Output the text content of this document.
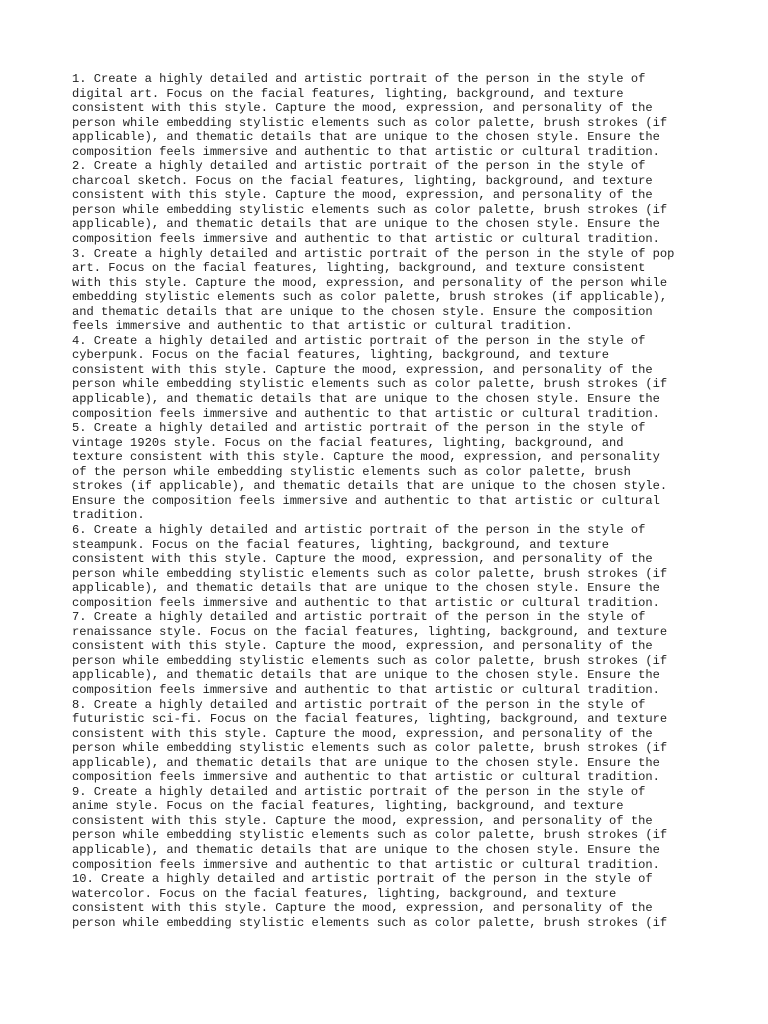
1. Create a highly detailed and artistic portrait of the person in the style of
digital art. Focus on the facial features, lighting, background, and texture
consistent with this style. Capture the mood, expression, and personality of the
person while embedding stylistic elements such as color palette, brush strokes (if
applicable), and thematic details that are unique to the chosen style. Ensure the
composition feels immersive and authentic to that artistic or cultural tradition.
2. Create a highly detailed and artistic portrait of the person in the style of
charcoal sketch. Focus on the facial features, lighting, background, and texture
consistent with this style. Capture the mood, expression, and personality of the
person while embedding stylistic elements such as color palette, brush strokes (if
applicable), and thematic details that are unique to the chosen style. Ensure the
composition feels immersive and authentic to that artistic or cultural tradition.
3. Create a highly detailed and artistic portrait of the person in the style of pop
art. Focus on the facial features, lighting, background, and texture consistent
with this style. Capture the mood, expression, and personality of the person while
embedding stylistic elements such as color palette, brush strokes (if applicable),
and thematic details that are unique to the chosen style. Ensure the composition
feels immersive and authentic to that artistic or cultural tradition.
4. Create a highly detailed and artistic portrait of the person in the style of
cyberpunk. Focus on the facial features, lighting, background, and texture
consistent with this style. Capture the mood, expression, and personality of the
person while embedding stylistic elements such as color palette, brush strokes (if
applicable), and thematic details that are unique to the chosen style. Ensure the
composition feels immersive and authentic to that artistic or cultural tradition.
5. Create a highly detailed and artistic portrait of the person in the style of
vintage 1920s style. Focus on the facial features, lighting, background, and
texture consistent with this style. Capture the mood, expression, and personality
of the person while embedding stylistic elements such as color palette, brush
strokes (if applicable), and thematic details that are unique to the chosen style.
Ensure the composition feels immersive and authentic to that artistic or cultural
tradition.
6. Create a highly detailed and artistic portrait of the person in the style of
steampunk. Focus on the facial features, lighting, background, and texture
consistent with this style. Capture the mood, expression, and personality of the
person while embedding stylistic elements such as color palette, brush strokes (if
applicable), and thematic details that are unique to the chosen style. Ensure the
composition feels immersive and authentic to that artistic or cultural tradition.
7. Create a highly detailed and artistic portrait of the person in the style of
renaissance style. Focus on the facial features, lighting, background, and texture
consistent with this style. Capture the mood, expression, and personality of the
person while embedding stylistic elements such as color palette, brush strokes (if
applicable), and thematic details that are unique to the chosen style. Ensure the
composition feels immersive and authentic to that artistic or cultural tradition.
8. Create a highly detailed and artistic portrait of the person in the style of
futuristic sci-fi. Focus on the facial features, lighting, background, and texture
consistent with this style. Capture the mood, expression, and personality of the
person while embedding stylistic elements such as color palette, brush strokes (if
applicable), and thematic details that are unique to the chosen style. Ensure the
composition feels immersive and authentic to that artistic or cultural tradition.
9. Create a highly detailed and artistic portrait of the person in the style of
anime style. Focus on the facial features, lighting, background, and texture
consistent with this style. Capture the mood, expression, and personality of the
person while embedding stylistic elements such as color palette, brush strokes (if
applicable), and thematic details that are unique to the chosen style. Ensure the
composition feels immersive and authentic to that artistic or cultural tradition.
10. Create a highly detailed and artistic portrait of the person in the style of
watercolor. Focus on the facial features, lighting, background, and texture
consistent with this style. Capture the mood, expression, and personality of the
person while embedding stylistic elements such as color palette, brush strokes (if
